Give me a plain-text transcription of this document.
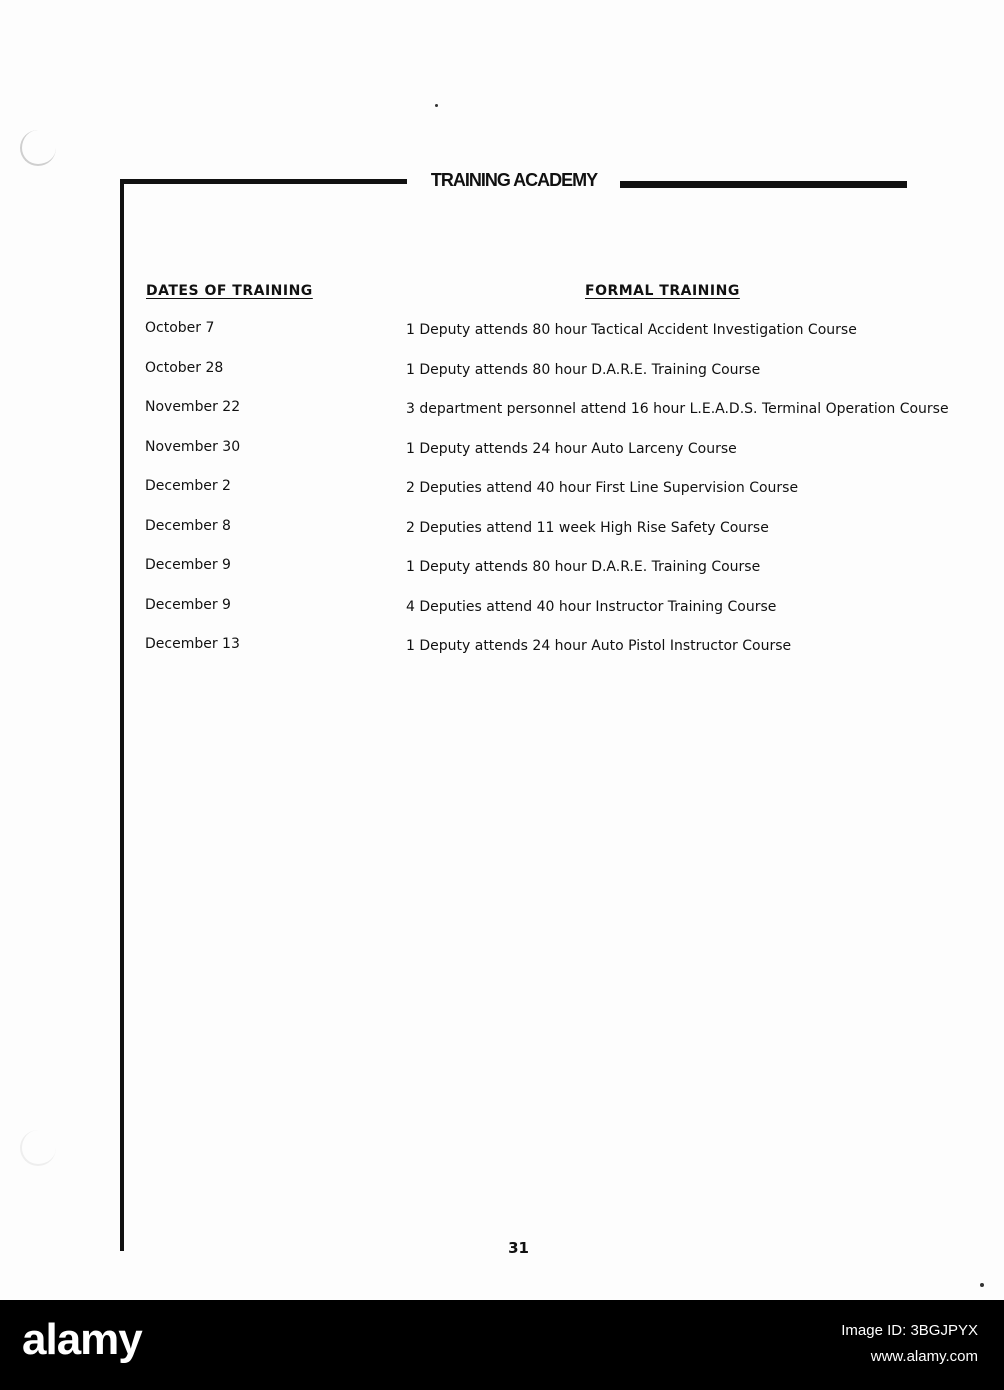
TRAINING ACADEMY
DATES OF TRAINING	FORMAL TRAINING
October 7	1 Deputy attends 80 hour Tactical Accident Investigation Course
October 28	1 Deputy attends 80 hour D.A.R.E. Training Course
November 22	3 department personnel attend 16 hour L.E.A.D.S. Terminal Operation Course
November 30	1 Deputy attends 24 hour Auto Larceny Course
December 2	2 Deputies attend 40 hour First Line Supervision Course
December 8	2 Deputies attend 11 week High Rise Safety Course
December 9	1 Deputy attends 80 hour D.A.R.E. Training Course
December 9	4 Deputies attend 40 hour Instructor Training Course
December 13	1 Deputy attends 24 hour Auto Pistol Instructor Course
31
alamy	Image ID: 3BGJPYX
www.alamy.com
